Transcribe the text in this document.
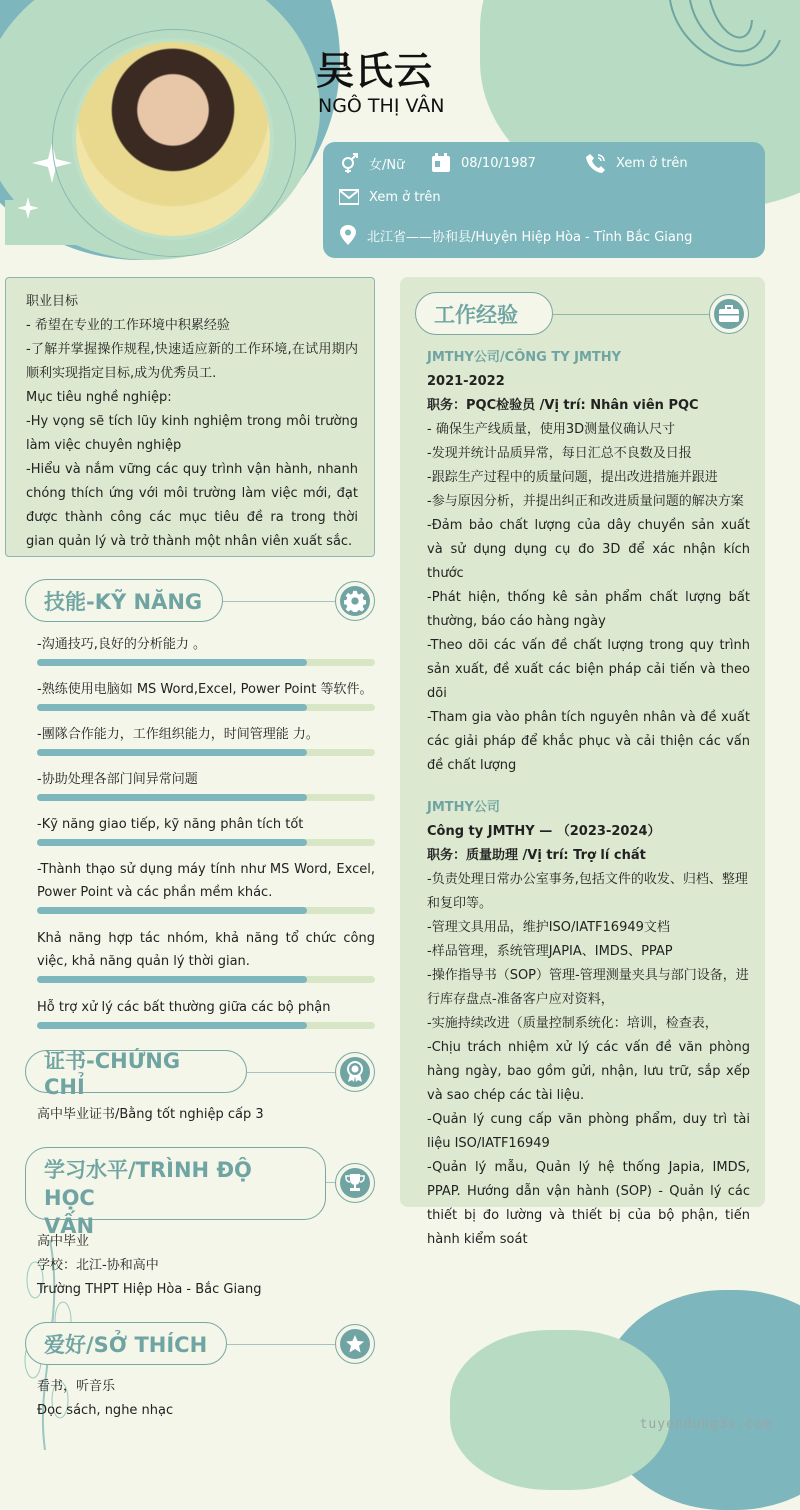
吴氏云
NGÔ THỊ VÂN
女/Nữ	08/10/1987	Xem ở trên
Xem ở trên
北江省——协和县/Huyện Hiệp Hòa - Tỉnh Bắc Giang
职业目标
- 希望在专业的工作环境中积累经验
-了解并掌握操作规程,快速适应新的工作环境,在试用期内顺利实现指定目标,成为优秀员工.
Mục tiêu nghề nghiệp:
-Hy vọng sẽ tích lũy kinh nghiệm trong môi trường làm việc chuyên nghiệp
-Hiểu và nắm vững các quy trình vận hành, nhanh chóng thích ứng với môi trường làm việc mới, đạt được thành công các mục tiêu đề ra trong thời gian quản lý và trở thành một nhân viên xuất sắc.
技能-KỸ NĂNG
-沟通技巧,良好的分析能力 。
-熟练使用电脑如 MS Word,Excel, Power Point 等软件。
-團隊合作能力，工作组织能力，时间管理能 力。
-协助处理各部门间异常问题
-Kỹ năng giao tiếp, kỹ năng phân tích tốt
-Thành thạo sử dụng máy tính như MS Word, Excel, Power Point và các phần mềm khác.
Khả năng hợp tác nhóm, khả năng tổ chức công việc, khả năng quản lý thời gian.
Hỗ trợ xử lý các bất thường giữa các bộ phận
证书-CHỨNG CHỈ
高中毕业证书/Bằng tốt nghiệp cấp 3
学习水平/TRÌNH ĐỘ HỌC
VẤN
高中毕业
学校：北江-协和高中
Trường THPT Hiệp Hòa - Bắc Giang
爱好/SỞ THÍCH
看书，听音乐
Đọc sách, nghe nhạc
工作经验
JMTHY公司/CÔNG TY JMTHY
2021-2022
职务：PQC检验员 /Vị trí: Nhân viên PQC
- 确保生产线质量，使用3D测量仪确认尺寸
-发现并统计品质异常，每日汇总不良数及日报
-跟踪生产过程中的质量问题，提出改进措施并跟进
-参与原因分析，并提出纠正和改进质量问题的解决方案
-Đảm bảo chất lượng của dây chuyền sản xuất và sử dụng dụng cụ đo 3D để xác nhận kích thước
-Phát hiện, thống kê sản phẩm chất lượng bất thường, báo cáo hàng ngày
-Theo dõi các vấn đề chất lượng trong quy trình sản xuất, đề xuất các biện pháp cải tiến và theo dõi
-Tham gia vào phân tích nguyên nhân và đề xuất các giải pháp để khắc phục và cải thiện các vấn đề chất lượng
JMTHY公司
Công ty JMTHY — （2023-2024）
职务：质量助理 /Vị trí: Trợ lí chất
-负责处理日常办公室事务,包括文件的收发、归档、整理和复印等。
-管理文具用品，维护ISO/IATF16949文档
-样品管理，系统管理JAPIA、IMDS、PPAP
-操作指导书（SOP）管理-管理测量夹具与部门设备，进行库存盘点-准备客户应对资料，
-实施持续改进（质量控制系统化：培训，检查表，
-Chịu trách nhiệm xử lý các vấn đề văn phòng hàng ngày, bao gồm gửi, nhận, lưu trữ, sắp xếp và sao chép các tài liệu.
-Quản lý cung cấp văn phòng phẩm, duy trì tài liệu ISO/IATF16949
-Quản lý mẫu, Quản lý hệ thống Japia, IMDS, PPAP. Hướng dẫn vận hành (SOP) - Quản lý các thiết bị đo lường và thiết bị của bộ phận, tiến hành kiểm soát
tuyendung3s.com
